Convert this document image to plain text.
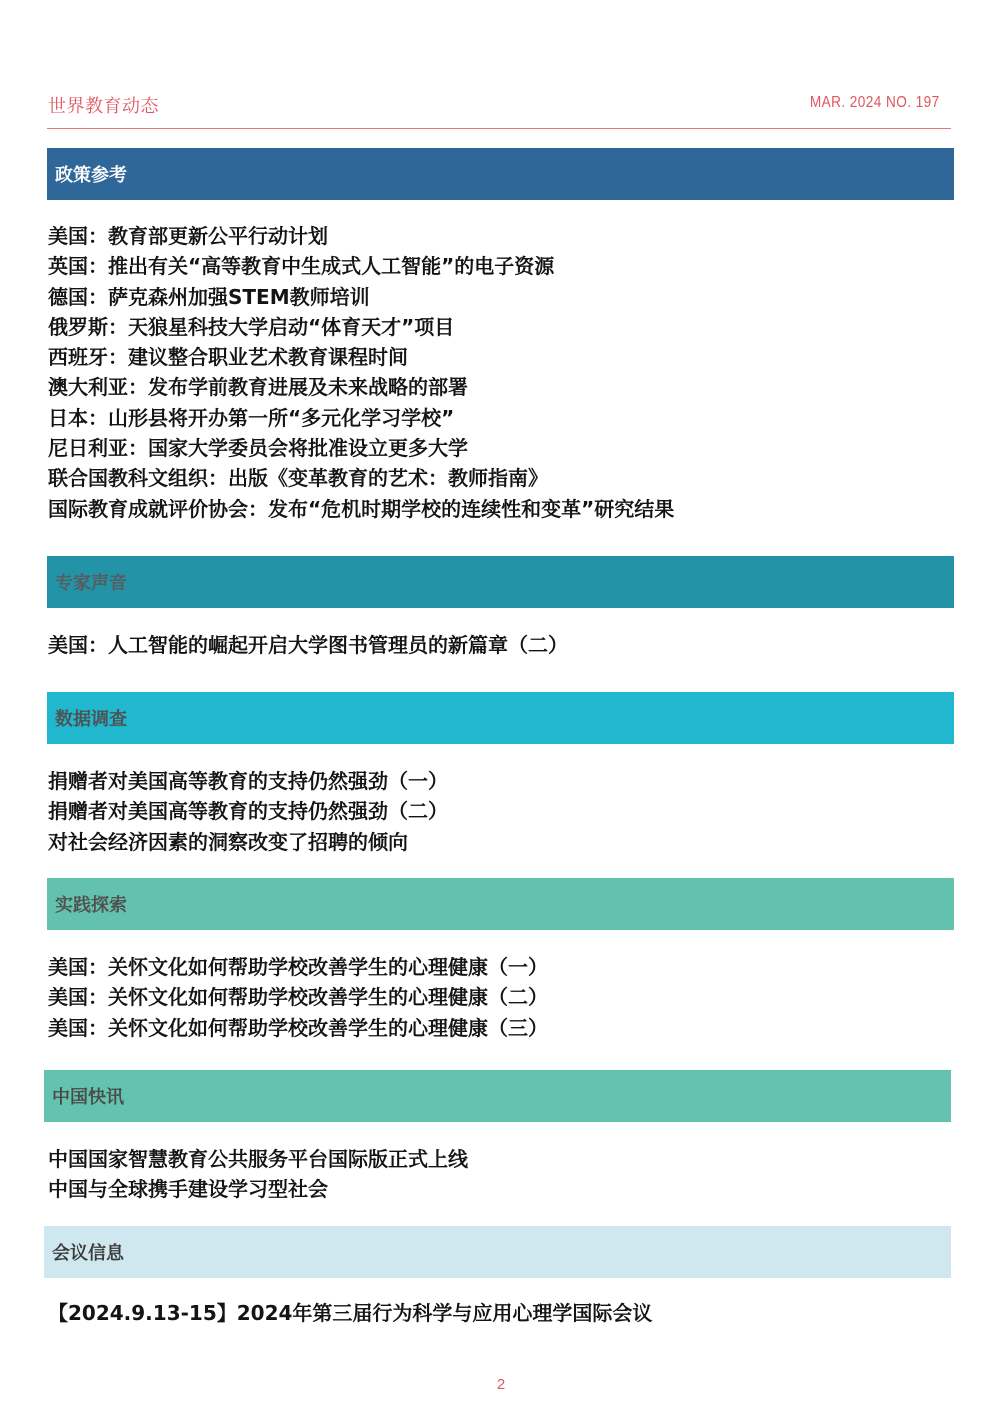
世界教育动态	MAR. 2024 NO. 197
政策参考
美国：教育部更新公平行动计划
英国：推出有关“高等教育中生成式人工智能”的电子资源
德国：萨克森州加强STEM教师培训
俄罗斯：天狼星科技大学启动“体育天才”项目
西班牙：建议整合职业艺术教育课程时间
澳大利亚：发布学前教育进展及未来战略的部署
日本：山形县将开办第一所“多元化学习学校”
尼日利亚：国家大学委员会将批准设立更多大学
联合国教科文组织：出版《变革教育的艺术：教师指南》
国际教育成就评价协会：发布“危机时期学校的连续性和变革”研究结果
专家声音
美国：人工智能的崛起开启大学图书管理员的新篇章（二）
数据调查
捐赠者对美国高等教育的支持仍然强劲（一）
捐赠者对美国高等教育的支持仍然强劲（二）
对社会经济因素的洞察改变了招聘的倾向
实践探索
美国：关怀文化如何帮助学校改善学生的心理健康（一）
美国：关怀文化如何帮助学校改善学生的心理健康（二）
美国：关怀文化如何帮助学校改善学生的心理健康（三）
中国快讯
中国国家智慧教育公共服务平台国际版正式上线
中国与全球携手建设学习型社会
会议信息
【2024.9.13-15】2024年第三届行为科学与应用心理学国际会议
2
